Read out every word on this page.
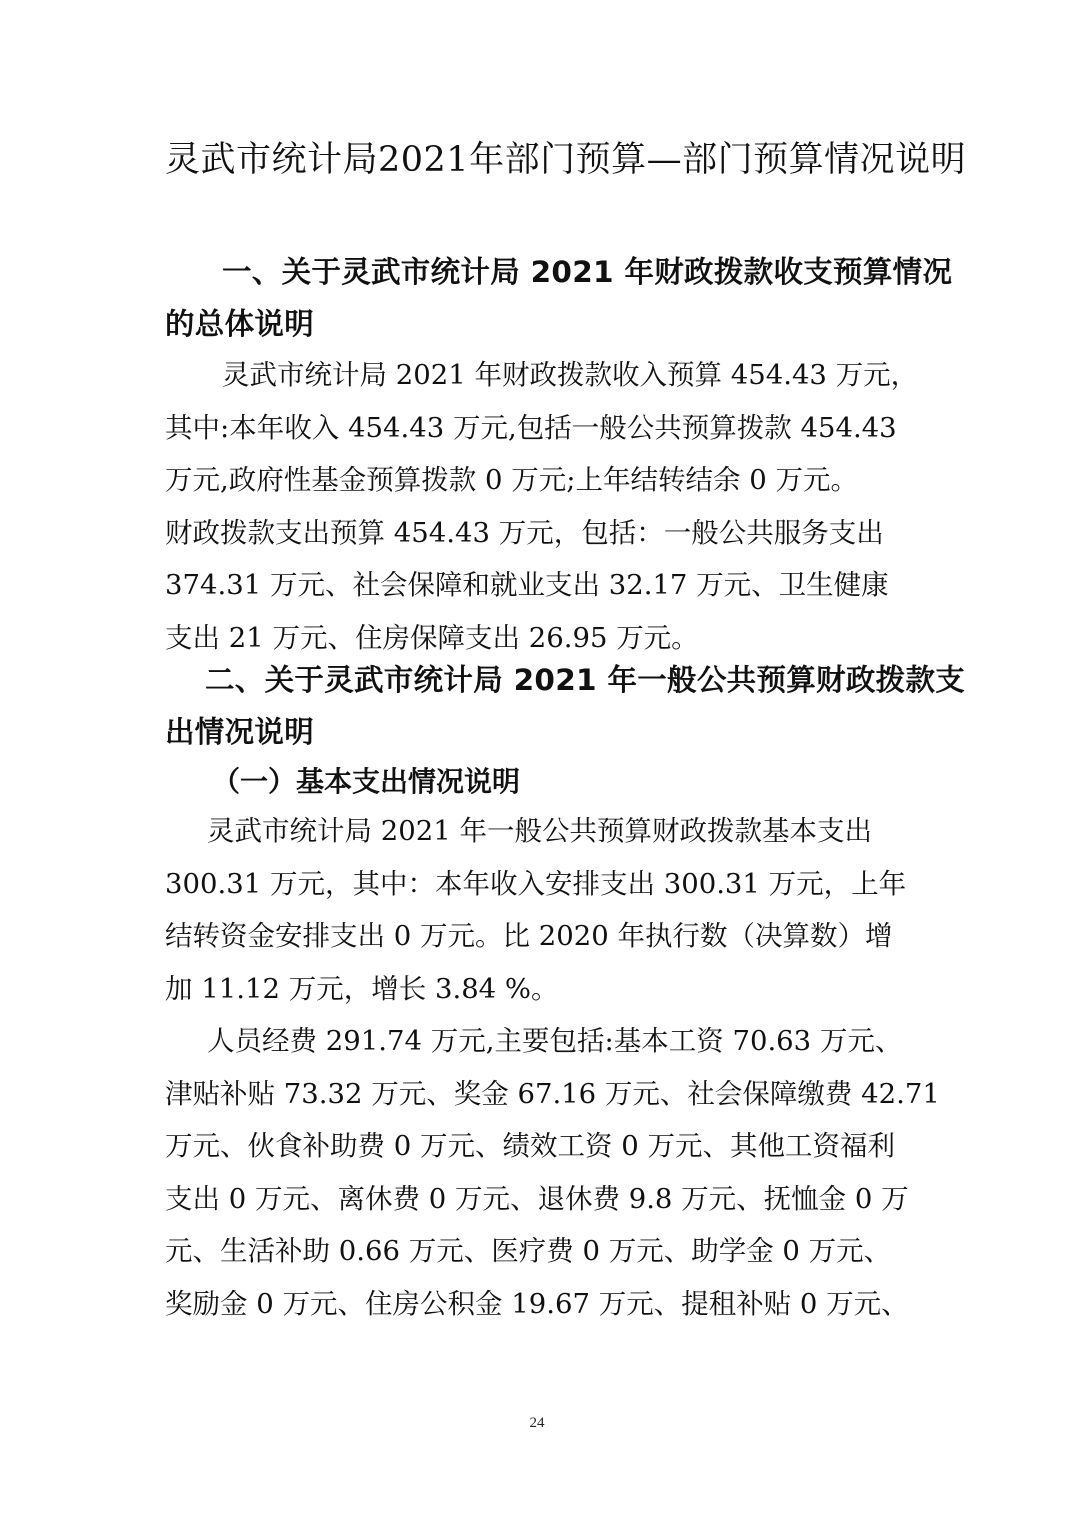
灵武市统计局2021年部门预算—部门预算情况说明
一、关于灵武市统计局 2021 年财政拨款收支预算情况
的总体说明
灵武市统计局 2021 年财政拨款收入预算 454.43 万元，
其中:本年收入 454.43 万元,包括一般公共预算拨款 454.43
万元,政府性基金预算拨款 0 万元;上年结转结余 0 万元。
财政拨款支出预算 454.43 万元，包括：一般公共服务支出
374.31 万元、社会保障和就业支出 32.17 万元、卫生健康
支出 21 万元、住房保障支出 26.95 万元。
二、关于灵武市统计局 2021 年一般公共预算财政拨款支
出情况说明
（一）基本支出情况说明
灵武市统计局 2021 年一般公共预算财政拨款基本支出
300.31 万元，其中：本年收入安排支出 300.31 万元，上年
结转资金安排支出 0 万元。比 2020 年执行数（决算数）增
加 11.12 万元，增长 3.84 %。
人员经费 291.74 万元,主要包括:基本工资 70.63 万元、
津贴补贴 73.32 万元、奖金 67.16 万元、社会保障缴费 42.71
万元、伙食补助费 0 万元、绩效工资 0 万元、其他工资福利
支出 0 万元、离休费 0 万元、退休费 9.8 万元、抚恤金 0 万
元、生活补助 0.66 万元、医疗费 0 万元、助学金 0 万元、
奖励金 0 万元、住房公积金 19.67 万元、提租补贴 0 万元、
24
